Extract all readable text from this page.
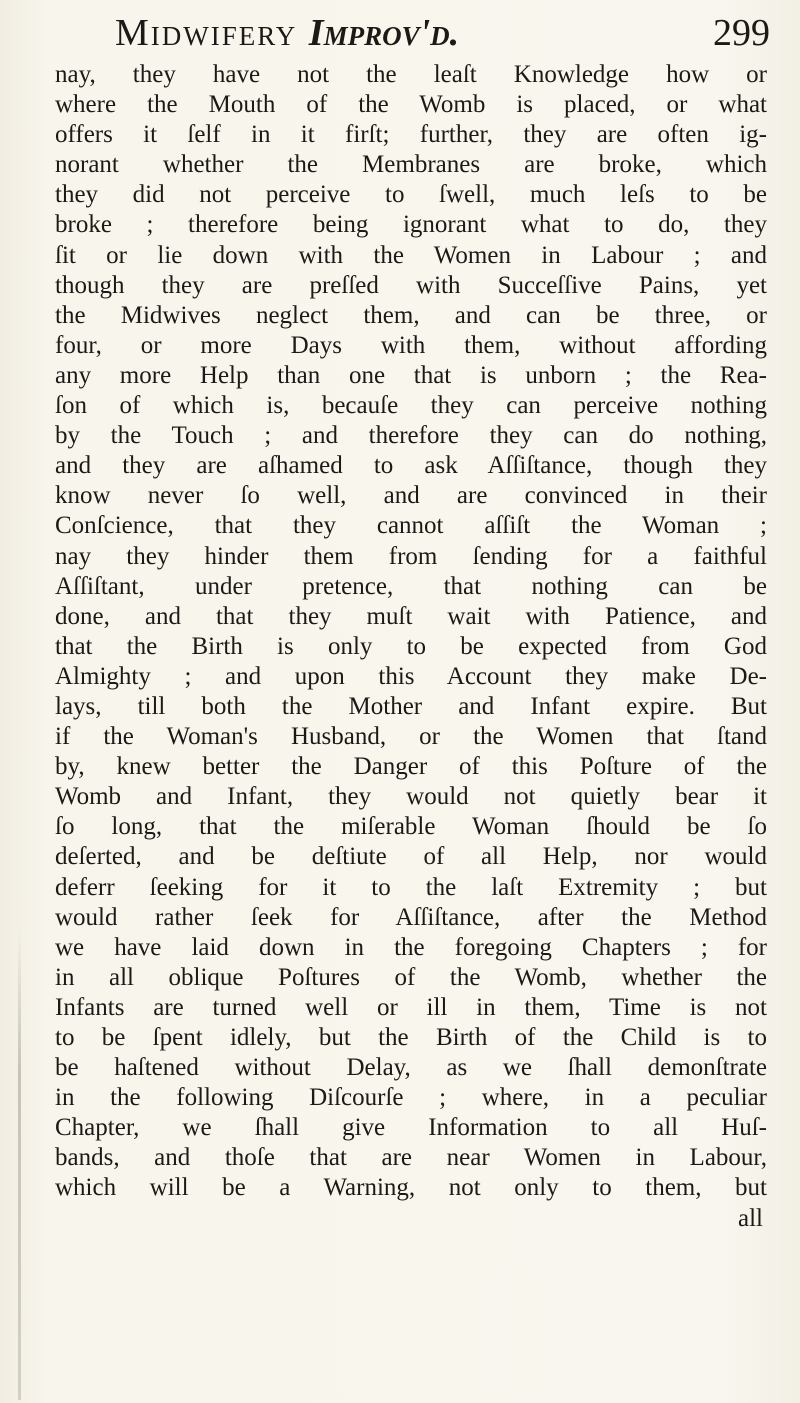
Midwifery Improv'd.	299
nay, they have not the leaſt Knowledge how or
where the Mouth of the Womb is placed, or what
offers it ſelf in it firſt; further, they are often ig-
norant whether the Membranes are broke, which
they did not perceive to ſwell, much leſs to be
broke ; therefore being ignorant what to do, they
ſit or lie down with the Women in Labour ; and
though they are preſſed with Succeſſive Pains, yet
the Midwives neglect them, and can be three, or
four, or more Days with them, without affording
any more Help than one that is unborn ; the Rea-
ſon of which is, becauſe they can perceive nothing
by the Touch ; and therefore they can do nothing,
and they are aſhamed to ask Aſſiſtance, though they
know never ſo well, and are convinced in their
Conſcience, that they cannot aſſiſt the Woman ;
nay they hinder them from ſending for a faithful
Aſſiſtant, under pretence, that nothing can be
done, and that they muſt wait with Patience, and
that the Birth is only to be expected from God
Almighty ; and upon this Account they make De-
lays, till both the Mother and Infant expire. But
if the Woman's Husband, or the Women that ſtand
by, knew better the Danger of this Poſture of the
Womb and Infant, they would not quietly bear it
ſo long, that the miſerable Woman ſhould be ſo
deſerted, and be deſtiute of all Help, nor would
deferr ſeeking for it to the laſt Extremity ; but
would rather ſeek for Aſſiſtance, after the Method
we have laid down in the foregoing Chapters ; for
in all oblique Poſtures of the Womb, whether the
Infants are turned well or ill in them, Time is not
to be ſpent idlely, but the Birth of the Child is to
be haſtened without Delay, as we ſhall demonſtrate
in the following Diſcourſe ; where, in a peculiar
Chapter, we ſhall give Information to all Huſ-
bands, and thoſe that are near Women in Labour,
which will be a Warning, not only to them, but
all
